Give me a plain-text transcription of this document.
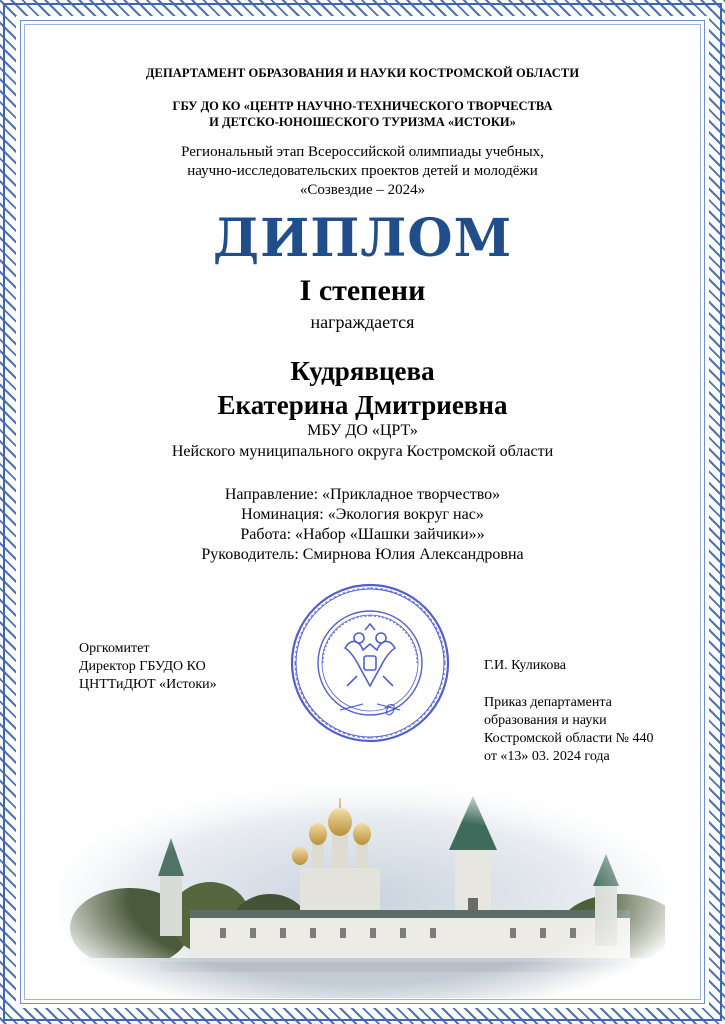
ДЕПАРТАМЕНТ ОБРАЗОВАНИЯ И НАУКИ КОСТРОМСКОЙ ОБЛАСТИ
ГБУ ДО КО «ЦЕНТР НАУЧНО-ТЕХНИЧЕСКОГО ТВОРЧЕСТВА
И ДЕТСКО-ЮНОШЕСКОГО ТУРИЗМА «ИСТОКИ»
Региональный этап Всероссийской олимпиады учебных,
научно-исследовательских проектов детей и молодёжи
«Созвездие – 2024»
ДИПЛОМ
I степени
награждается
Кудрявцева
Екатерина Дмитриевна
МБУ ДО «ЦРТ»
Нейского муниципального округа Костромской области
Направление: «Прикладное творчество»
Номинация: «Экология вокруг нас»
Работа: «Набор «Шашки зайчики»»
Руководитель: Смирнова Юлия Александровна
Оргкомитет
Директор ГБУДО КО
ЦНТТиДЮТ «Истоки»
Г.И. Куликова
Приказ департамента
образования и науки
Костромской области № 440
от «13» 03. 2024 года
